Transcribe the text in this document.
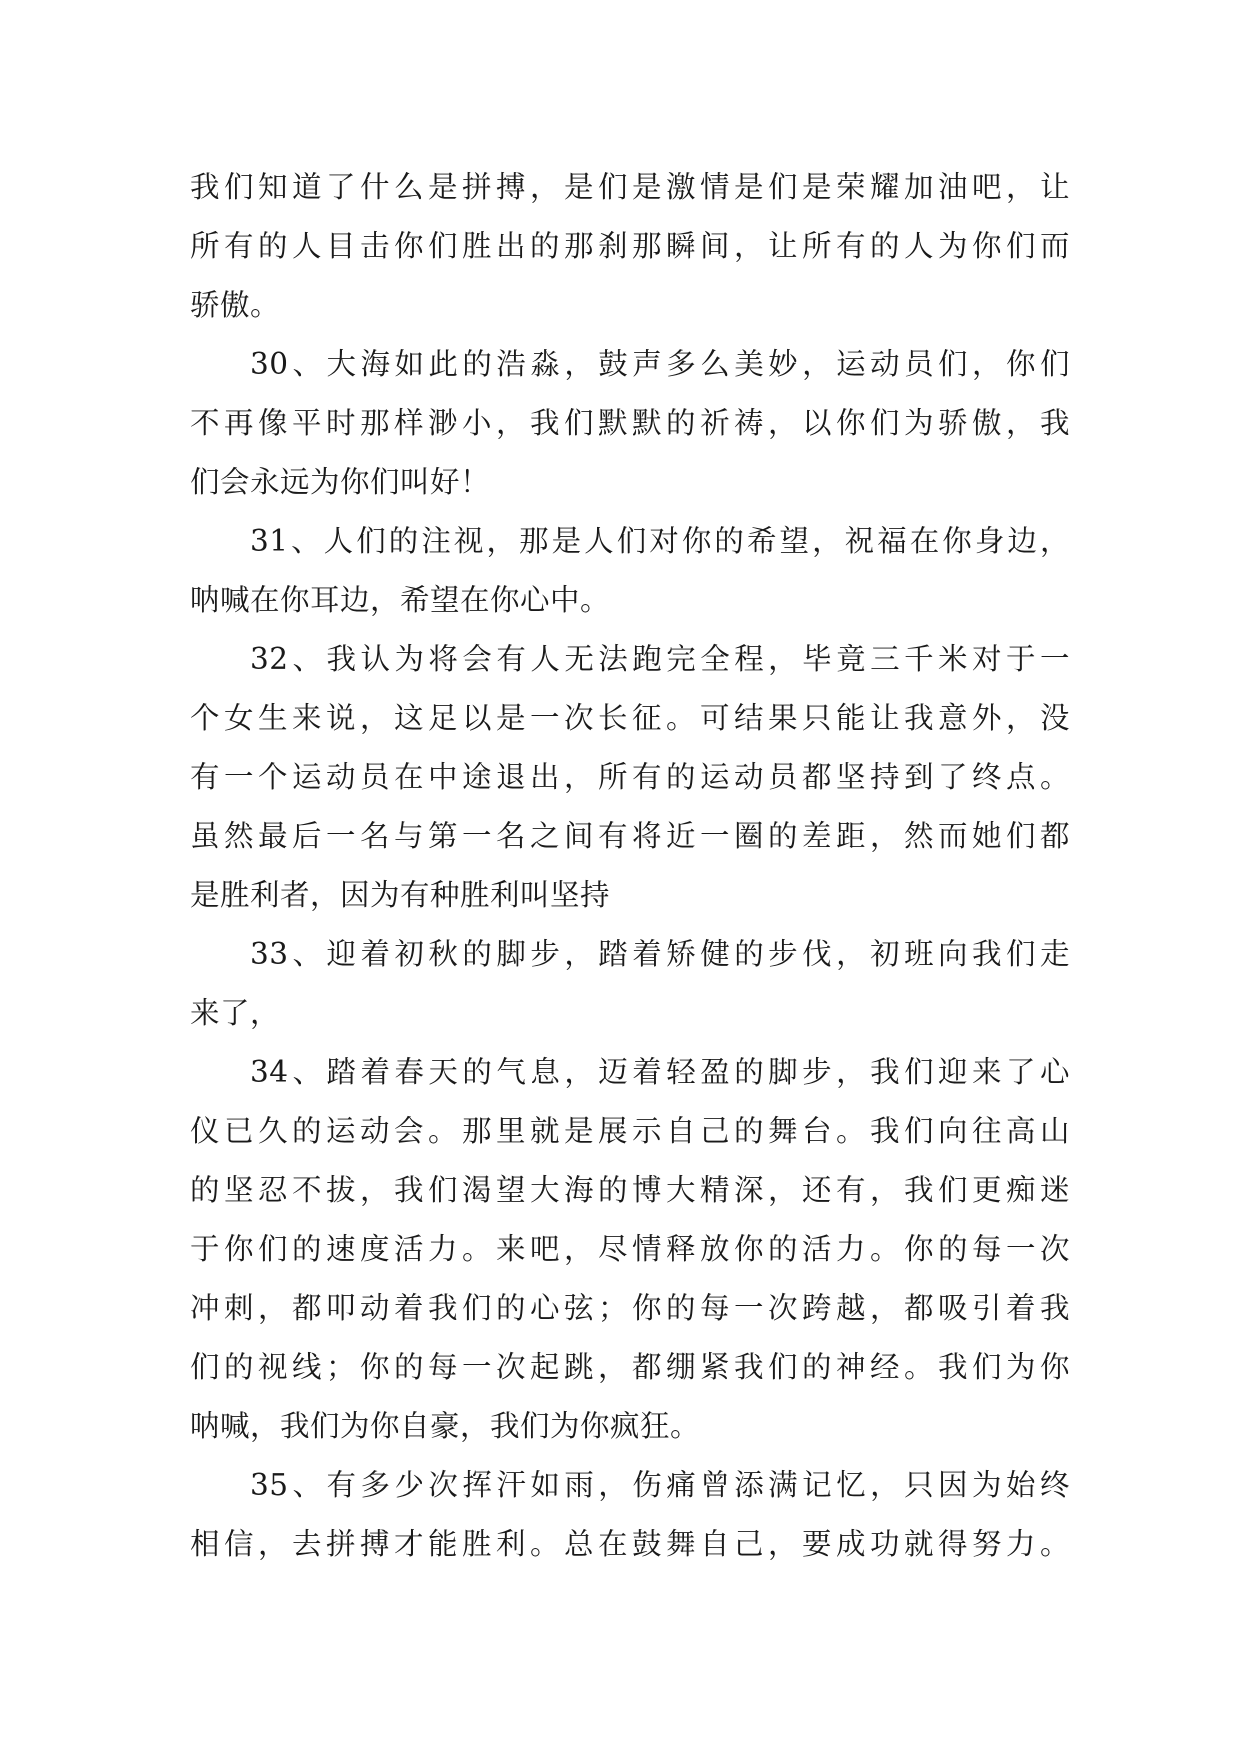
我们知道了什么是拼搏，是们是激情是们是荣耀加油吧，让
所有的人目击你们胜出的那刹那瞬间，让所有的人为你们而
骄傲。
30、大海如此的浩淼，鼓声多么美妙，运动员们，你们
不再像平时那样渺小，我们默默的祈祷，以你们为骄傲，我
们会永远为你们叫好！
31、人们的注视，那是人们对你的希望，祝福在你身边，
呐喊在你耳边，希望在你心中。
32、我认为将会有人无法跑完全程，毕竟三千米对于一
个女生来说，这足以是一次长征。可结果只能让我意外，没
有一个运动员在中途退出，所有的运动员都坚持到了终点。
虽然最后一名与第一名之间有将近一圈的差距，然而她们都
是胜利者，因为有种胜利叫坚持
33、迎着初秋的脚步，踏着矫健的步伐，初班向我们走
来了，
34、踏着春天的气息，迈着轻盈的脚步，我们迎来了心
仪已久的运动会。那里就是展示自己的舞台。我们向往高山
的坚忍不拔，我们渴望大海的博大精深，还有，我们更痴迷
于你们的速度活力。来吧，尽情释放你的活力。你的每一次
冲刺，都叩动着我们的心弦；你的每一次跨越，都吸引着我
们的视线；你的每一次起跳，都绷紧我们的神经。我们为你
呐喊，我们为你自豪，我们为你疯狂。
35、有多少次挥汗如雨，伤痛曾添满记忆，只因为始终
相信，去拼搏才能胜利。总在鼓舞自己，要成功就得努力。
